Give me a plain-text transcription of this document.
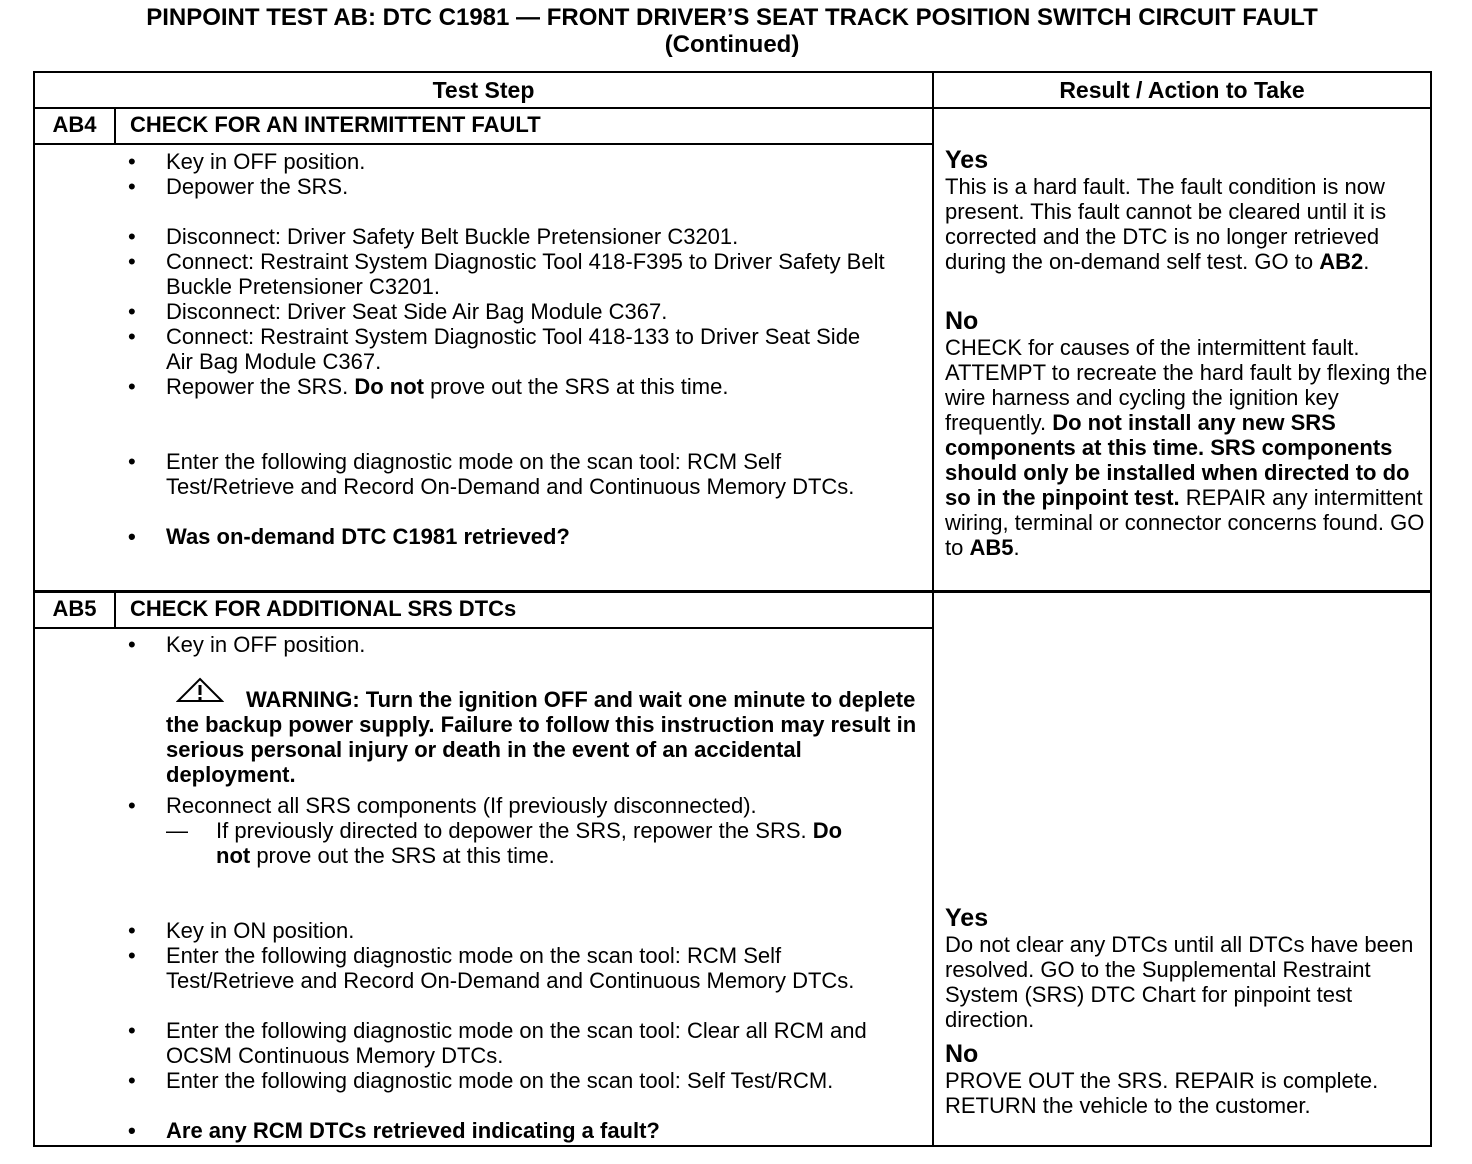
PINPOINT TEST AB: DTC C1981 — FRONT DRIVER’S SEAT TRACK POSITION SWITCH CIRCUIT FAULT
(Continued)
Test Step	Result / Action to Take
AB4	CHECK FOR AN INTERMITTENT FAULT
• Key in OFF position.
• Depower the SRS.
• Disconnect: Driver Safety Belt Buckle Pretensioner C3201.
• Connect: Restraint System Diagnostic Tool 418-F395 to Driver Safety Belt Buckle Pretensioner C3201.
• Disconnect: Driver Seat Side Air Bag Module C367.
• Connect: Restraint System Diagnostic Tool 418-133 to Driver Seat Side Air Bag Module C367.
• Repower the SRS. Do not prove out the SRS at this time.
• Enter the following diagnostic mode on the scan tool: RCM Self Test/Retrieve and Record On-Demand and Continuous Memory DTCs.
• Was on-demand DTC C1981 retrieved?
Yes
This is a hard fault. The fault condition is now present. This fault cannot be cleared until it is corrected and the DTC is no longer retrieved during the on-demand self test. GO to AB2.
No
CHECK for causes of the intermittent fault. ATTEMPT to recreate the hard fault by flexing the wire harness and cycling the ignition key frequently. Do not install any new SRS components at this time. SRS components should only be installed when directed to do so in the pinpoint test. REPAIR any intermittent wiring, terminal or connector concerns found. GO to AB5.
AB5	CHECK FOR ADDITIONAL SRS DTCs
• Key in OFF position.
WARNING: Turn the ignition OFF and wait one minute to deplete the backup power supply. Failure to follow this instruction may result in serious personal injury or death in the event of an accidental deployment.
• Reconnect all SRS components (If previously disconnected).
— If previously directed to depower the SRS, repower the SRS. Do not prove out the SRS at this time.
• Key in ON position.
• Enter the following diagnostic mode on the scan tool: RCM Self Test/Retrieve and Record On-Demand and Continuous Memory DTCs.
• Enter the following diagnostic mode on the scan tool: Clear all RCM and OCSM Continuous Memory DTCs.
• Enter the following diagnostic mode on the scan tool: Self Test/RCM.
• Are any RCM DTCs retrieved indicating a fault?
Yes
Do not clear any DTCs until all DTCs have been resolved. GO to the Supplemental Restraint System (SRS) DTC Chart for pinpoint test direction.
No
PROVE OUT the SRS. REPAIR is complete. RETURN the vehicle to the customer.
